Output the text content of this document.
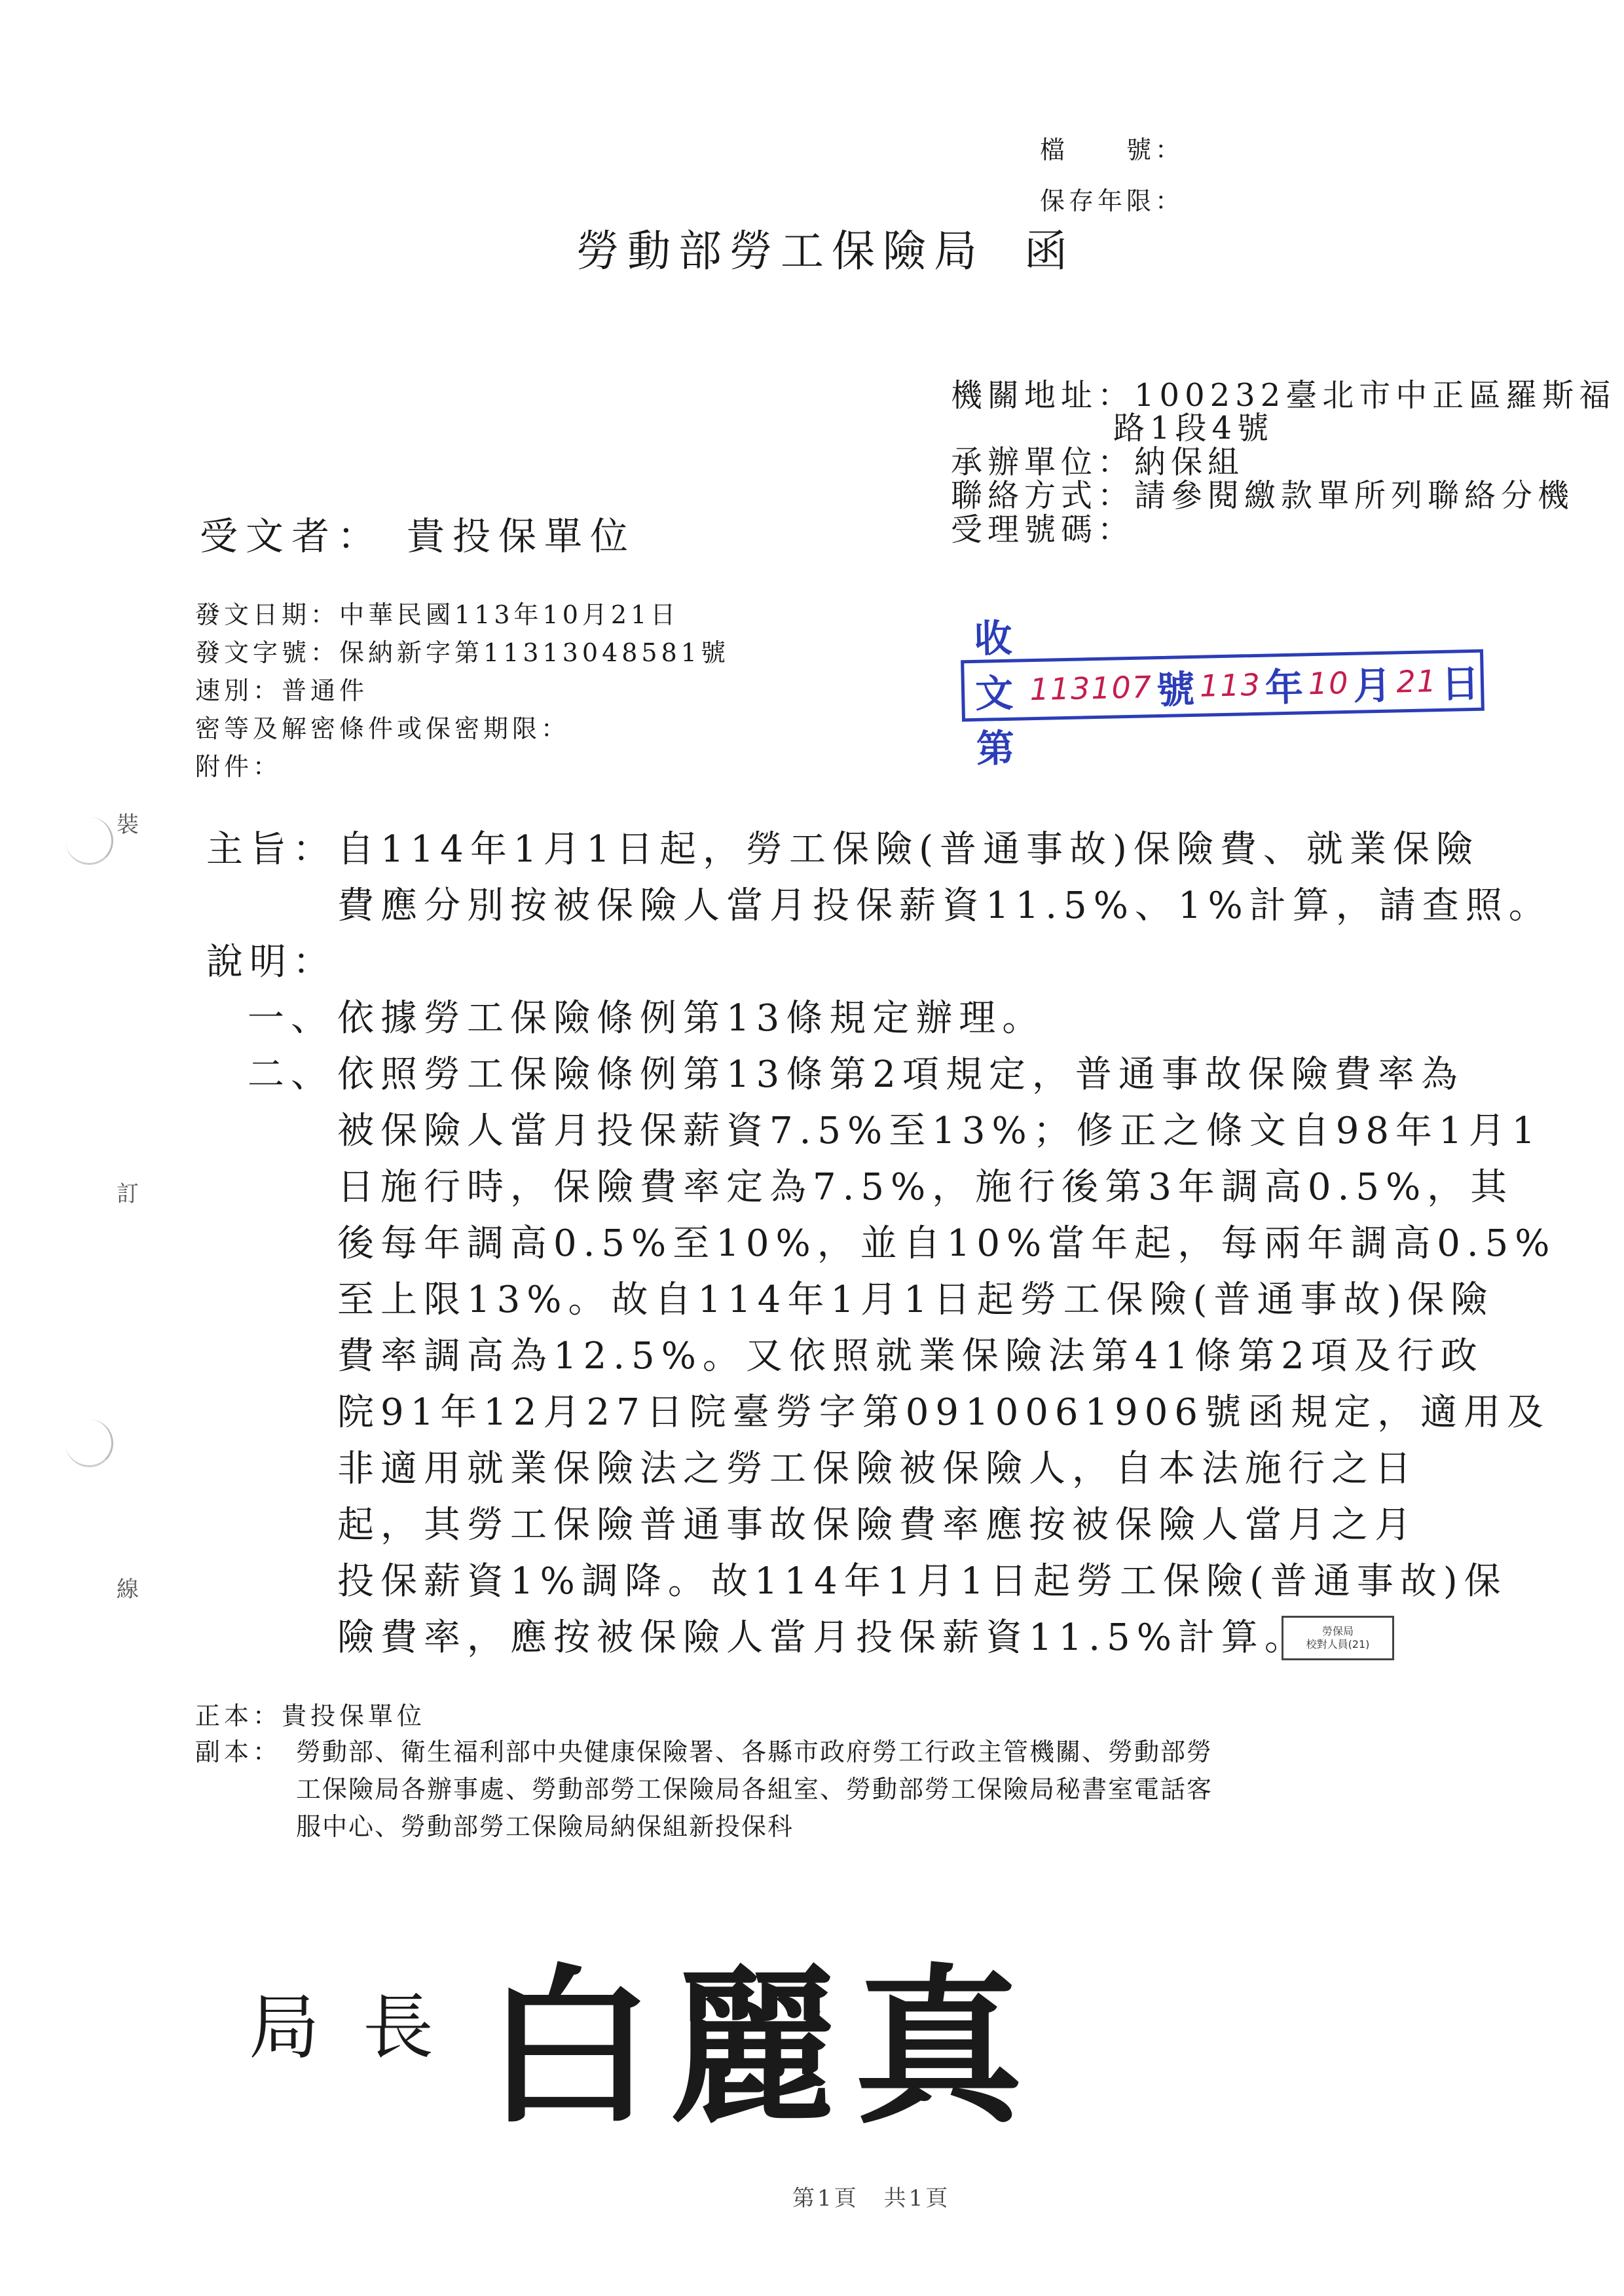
檔　　號：
保存年限：
勞動部勞工保險局 函
機關地址：100232臺北市中正區羅斯福
路1段4號
承辦單位：納保組
聯絡方式：請參閱繳款單所列聯絡分機
受理號碼：
受文者： 貴投保單位
發文日期：中華民國113年10月21日
發文字號：保納新字第11313048581號
速別：普通件
密等及解密條件或保密期限：
附件：
收文第
113107 號 113 年 10 月 21 日
裝
訂
線
主旨： 自114年1月1日起，勞工保險(普通事故)保險費、就業保險
費應分別按被保險人當月投保薪資11.5%、1%計算，請查照。
說明：
一、 依據勞工保險條例第13條規定辦理。
二、 依照勞工保險條例第13條第2項規定，普通事故保險費率為
被保險人當月投保薪資7.5%至13%；修正之條文自98年1月1
日施行時，保險費率定為7.5%，施行後第3年調高0.5%，其
後每年調高0.5%至10%，並自10%當年起，每兩年調高0.5%
至上限13%。故自114年1月1日起勞工保險(普通事故)保險
費率調高為12.5%。又依照就業保險法第41條第2項及行政
院91年12月27日院臺勞字第0910061906號函規定，適用及
非適用就業保險法之勞工保險被保險人，自本法施行之日
起，其勞工保險普通事故保險費率應按被保險人當月之月
投保薪資1%調降。故114年1月1日起勞工保險(普通事故)保
險費率，應按被保險人當月投保薪資11.5%計算。	勞保局
校對人員(21)
正本：貴投保單位
副本： 勞動部、衛生福利部中央健康保險署、各縣市政府勞工行政主管機關、勞動部勞
工保險局各辦事處、勞動部勞工保險局各組室、勞動部勞工保險局秘書室電話客
服中心、勞動部勞工保險局納保組新投保科
局長 白麗真
第1頁　共1頁
